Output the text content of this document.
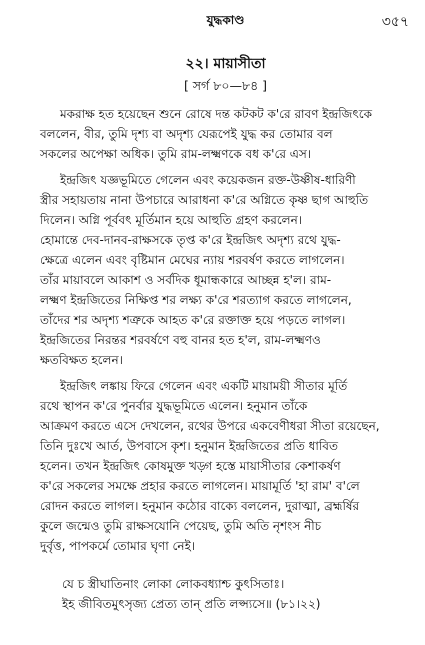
যুদ্ধকাণ্ড	৩৫৭
২২। মায়াসীতা
[ সর্গ ৮০—৮৪ ]

মকরাক্ষ হত হয়েছেন শুনে রোষে দন্ত কটকট ক'রে রাবণ ইন্দ্রজিৎকে
বললেন, বীর, তুমি দৃশ্য বা অদৃশ্য যেরূপেই যুদ্ধ কর তোমার বল
সকলের অপেক্ষা অধিক। তুমি রাম-লক্ষ্মণকে বধ ক'রে এস।

ইন্দ্রজিৎ যজ্ঞভূমিতে গেলেন এবং কয়েকজন রক্ত-উষ্ণীষ-ধারিণী
স্ত্রীর সহায়তায় নানা উপচারে আরাধনা ক'রে অগ্নিতে কৃষ্ণ ছাগ আহুতি
দিলেন। অগ্নি পূর্ববৎ মূর্তিমান হয়ে আহুতি গ্রহণ করলেন।
হোমান্তে দেব-দানব-রাক্ষসকে তৃপ্ত ক'রে ইন্দ্রজিৎ অদৃশ্য রথে যুদ্ধ-
ক্ষেত্রে এলেন এবং বৃষ্টিমান মেঘের ন্যায় শরবর্ষণ করতে লাগলেন।
তাঁর মায়াবলে আকাশ ও সর্বদিক ধূমান্ধকারে আচ্ছন্ন হ'ল। রাম-
লক্ষ্মণ ইন্দ্রজিতের নিক্ষিপ্ত শর লক্ষ্য ক'রে শরত্যাগ করতে লাগলেন,
তাঁদের শর অদৃশ্য শত্রুকে আহত ক'রে রক্তাক্ত হয়ে পড়তে লাগল।
ইন্দ্রজিতের নিরন্তর শরবর্ষণে বহু বানর হত হ'ল, রাম-লক্ষ্মণও
ক্ষতবিক্ষত হলেন।

ইন্দ্রজিৎ লঙ্কায় ফিরে গেলেন এবং একটি মায়াময়ী সীতার মূর্তি
রথে স্থাপন ক'রে পুনর্বার যুদ্ধভূমিতে এলেন। হনুমান তাঁকে
আক্রমণ করতে এসে দেখলেন, রথের উপরে একবেণীধরা সীতা রয়েছেন,
তিনি দুঃখে আর্ত, উপবাসে কৃশ। হনুমান ইন্দ্রজিতের প্রতি ধাবিত
হলেন। তখন ইন্দ্রজিৎ কোষমুক্ত খড়্গ হস্তে মায়াসীতার কেশাকর্ষণ
ক'রে সকলের সমক্ষে প্রহার করতে লাগলেন। মায়ামূর্তি 'হা রাম' ব'লে
রোদন করতে লাগল। হনুমান কঠোর বাক্যে বললেন, দুরাত্মা, ব্রহ্মর্ষির
কুলে জন্মেও তুমি রাক্ষসযোনি পেয়েছ, তুমি অতি নৃশংস নীচ
দুর্বৃত্ত, পাপকর্মে তোমার ঘৃণা নেই।

যে চ স্ত্রীঘাতিনাং লোকা লোকবধ্যাশ্চ কুৎসিতাঃ।
ইহ জীবিতমুৎসৃজ্য প্রেত্য তান্ প্রতি লপ্স্যসে॥ (৮১।২২)
